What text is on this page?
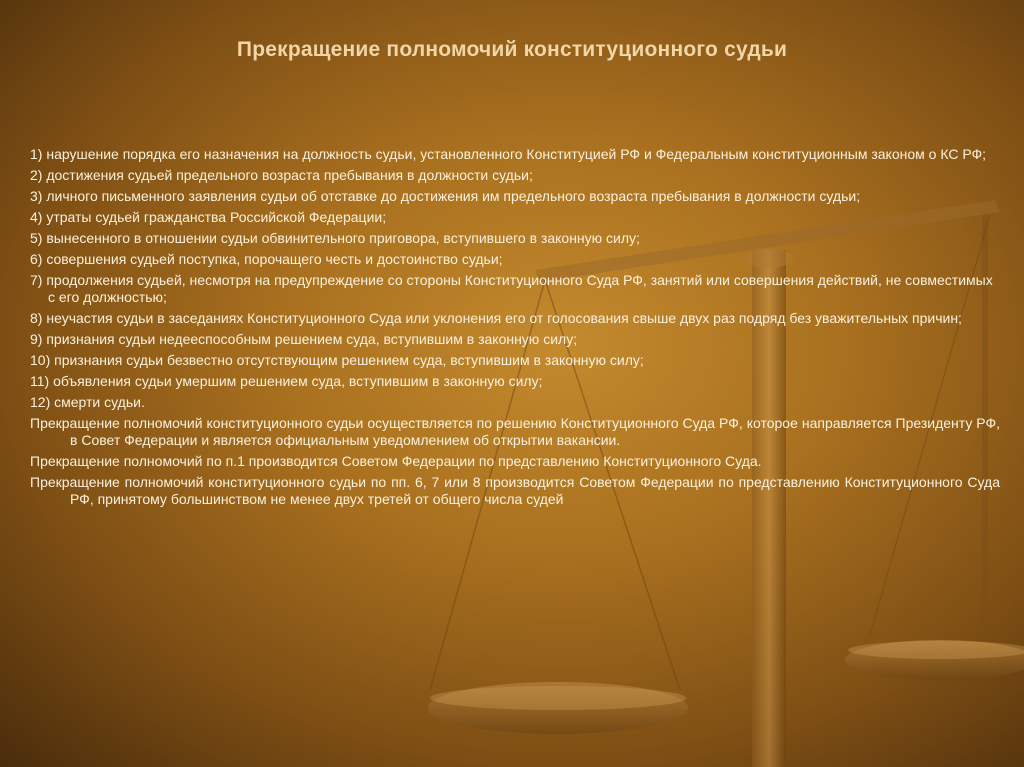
Прекращение полномочий конституционного судьи
1) нарушение порядка его назначения на должность судьи, установленного Конституцией РФ и Федеральным конституционным законом о КС РФ;
2) достижения судьей предельного возраста пребывания в должности судьи;
3) личного письменного заявления судьи об отставке до достижения им предельного возраста пребывания в должности судьи;
4) утраты судьей гражданства Российской Федерации;
5) вынесенного в отношении судьи обвинительного приговора, вступившего в законную силу;
6) совершения судьей поступка, порочащего честь и достоинство судьи;
7) продолжения судьей, несмотря на предупреждение со стороны Конституционного Суда РФ, занятий или совершения действий, не совместимых с его должностью;
8) неучастия судьи в заседаниях Конституционного Суда или уклонения его от голосования свыше двух раз подряд без уважительных причин;
9) признания судьи недееспособным решением суда, вступившим в законную силу;
10) признания судьи безвестно отсутствующим решением суда, вступившим в законную силу;
11) объявления судьи умершим решением суда, вступившим в законную силу;
12) смерти судьи.
Прекращение полномочий конституционного судьи осуществляется по решению Конституционного Суда РФ, которое направляется Президенту РФ, в Совет Федерации и является официальным уведомлением об открытии вакансии.
Прекращение полномочий по п.1 производится Советом Федерации по представлению Конституционного Суда.
Прекращение полномочий конституционного судьи по пп. 6, 7 или 8 производится Советом Федерации по представлению Конституционного Суда РФ, принятому большинством не менее двух третей от общего числа судей
